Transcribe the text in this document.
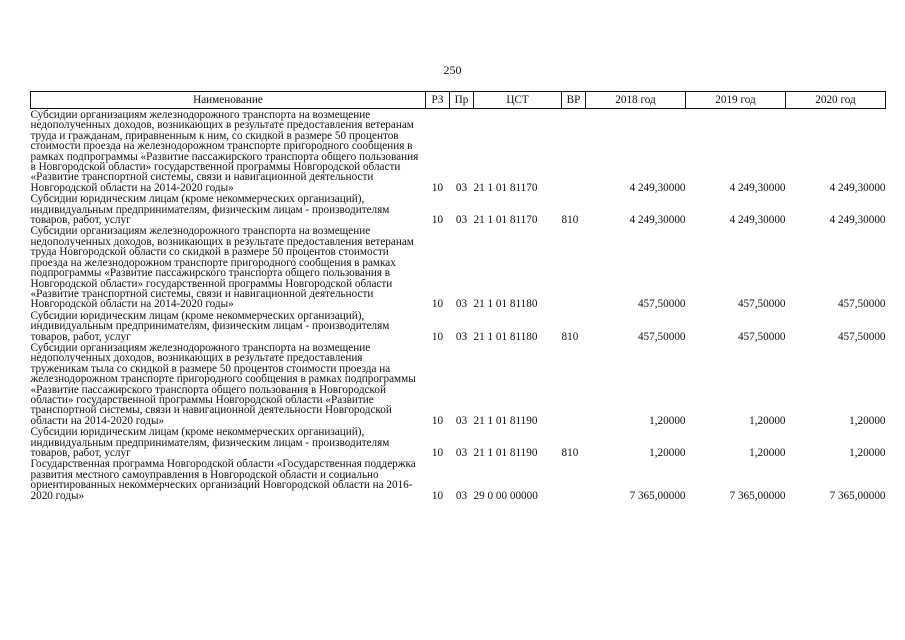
250
Наименование	РЗ	Пр	ЦСТ	ВР	2018 год	2019 год	2020 год
Субсидии организациям железнодорожного транспорта на возмещение недополученных доходов, возникающих в результате предоставления ветеранам труда и гражданам, приравненным к ним, со скидкой в размере 50 процентов стоимости проезда на железнодорожном транспорте пригородного сообщения в рамках подпрограммы «Развитие пассажирского транспорта общего пользования в Новгородской области» государственной программы Новгородской области «Развитие транспортной системы, связи и навигационной деятельности Новгородской области на 2014-2020 годы»	10	03	21 1 01 81170		4 249,30000	4 249,30000	4 249,30000
Субсидии юридическим лицам (кроме некоммерческих организаций), индивидуальным предпринимателям, физическим лицам - производителям товаров, работ, услуг	10	03	21 1 01 81170	810	4 249,30000	4 249,30000	4 249,30000
Субсидии организациям железнодорожного транспорта на возмещение недополученных доходов, возникающих в результате предоставления ветеранам труда Новгородской области со скидкой в размере 50 процентов стоимости проезда на железнодорожном транспорте пригородного сообщения в рамках подпрограммы «Развитие пассажирского транспорта общего пользования в Новгородской области» государственной программы Новгородской области «Развитие транспортной системы, связи и навигационной деятельности Новгородской области на 2014-2020 годы»	10	03	21 1 01 81180		457,50000	457,50000	457,50000
Субсидии юридическим лицам (кроме некоммерческих организаций), индивидуальным предпринимателям, физическим лицам - производителям товаров, работ, услуг	10	03	21 1 01 81180	810	457,50000	457,50000	457,50000
Субсидии организациям железнодорожного транспорта на возмещение недополученных доходов, возникающих в результате предоставления труженикам тыла со скидкой в размере 50 процентов стоимости проезда на железнодорожном транспорте пригородного сообщения в рамках подпрограммы «Развитие пассажирского транспорта общего пользования в Новгородской области» государственной программы Новгородской области «Развитие транспортной системы, связи и навигационной деятельности Новгородской области на 2014-2020 годы»	10	03	21 1 01 81190		1,20000	1,20000	1,20000
Субсидии юридическим лицам (кроме некоммерческих организаций), индивидуальным предпринимателям, физическим лицам - производителям товаров, работ, услуг	10	03	21 1 01 81190	810	1,20000	1,20000	1,20000
Государственная программа Новгородской области «Государственная поддержка развития местного самоуправления в Новгородской области и социально ориентированных некоммерческих организаций Новгородской области на 2016-2020 годы»	10	03	29 0 00 00000		7 365,00000	7 365,00000	7 365,00000
